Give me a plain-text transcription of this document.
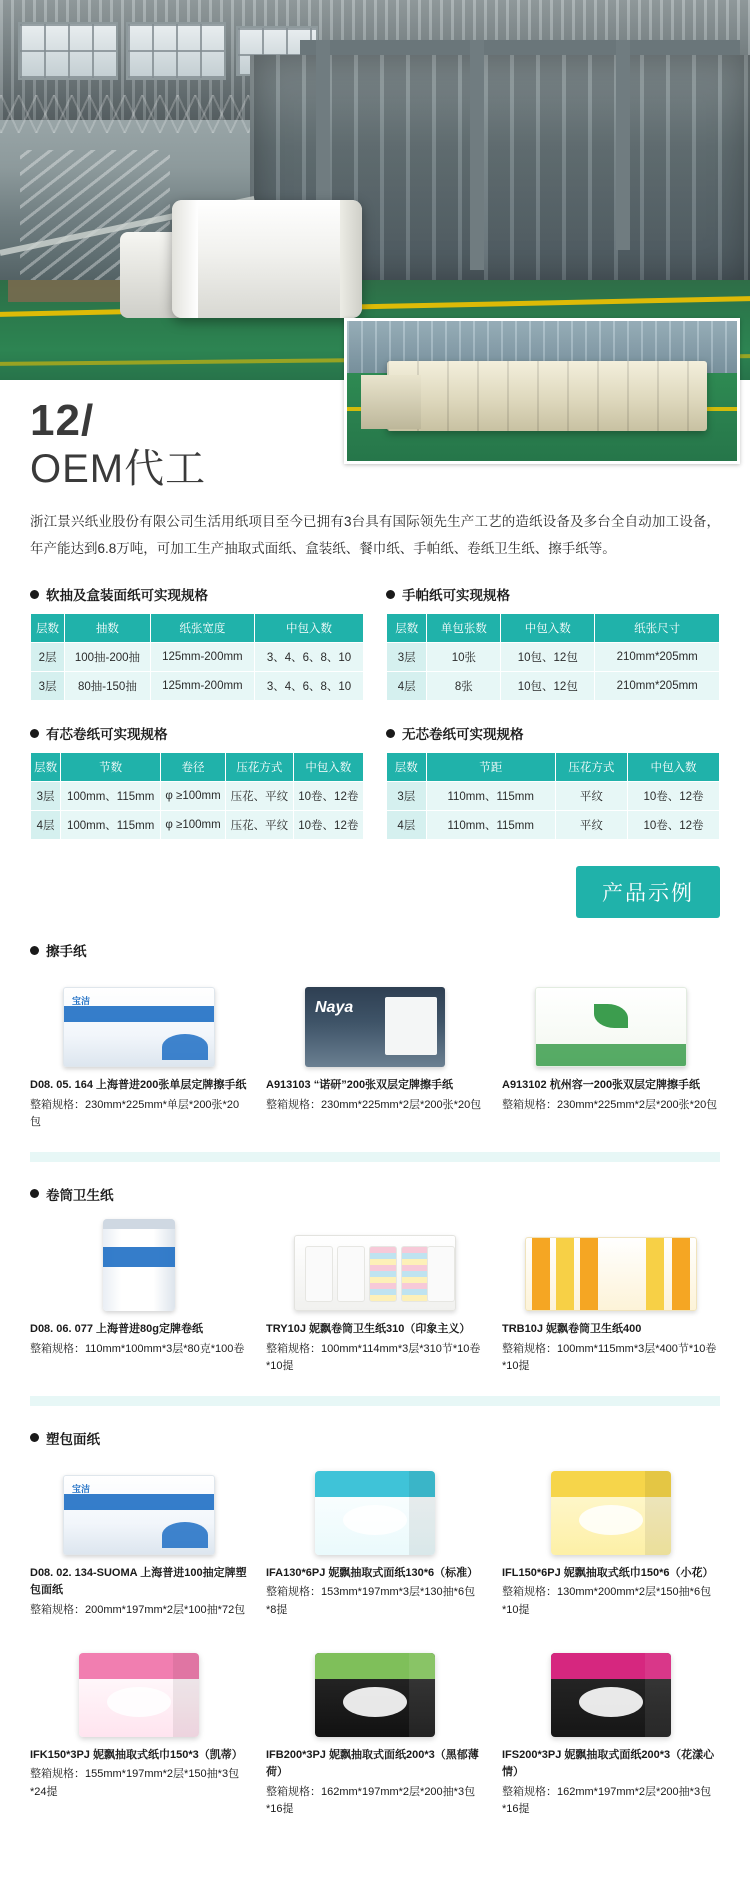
12/
OEM代工
浙江景兴纸业股份有限公司生活用纸项目至今已拥有3台具有国际领先生产工艺的造纸设备及多台全自动加工设备，年产能达到6.8万吨，可加工生产抽取式面纸、盒装纸、餐巾纸、手帕纸、卷纸卫生纸、擦手纸等。
软抽及盒装面纸可实现规格
层数	抽数	纸张宽度	中包入数
2层	100抽-200抽	125mm-200mm	3、4、6、8、10
3层	80抽-150抽	125mm-200mm	3、4、6、8、10
手帕纸可实现规格
层数	单包张数	中包入数	纸张尺寸
3层	10张	10包、12包	210mm*205mm
4层	8张	10包、12包	210mm*205mm
有芯卷纸可实现规格
层数	节数	卷径	压花方式	中包入数
3层	100mm、115mm	φ ≥100mm	压花、平纹	10卷、12卷
4层	100mm、115mm	φ ≥100mm	压花、平纹	10卷、12卷
无芯卷纸可实现规格
层数	节距	压花方式	中包入数
3层	110mm、115mm	平纹	10卷、12卷
4层	110mm、115mm	平纹	10卷、12卷
产品示例
擦手纸
宝洁
D08. 05. 164 上海普进200张单层定牌擦手纸
整箱规格：230mm*225mm*单层*200张*20包
Naya
A913103 “诺研”200张双层定牌擦手纸
整箱规格：230mm*225mm*2层*200张*20包
A913102 杭州容一200张双层定牌擦手纸
整箱规格：230mm*225mm*2层*200张*20包
卷筒卫生纸
D08. 06. 077 上海普进80g定牌卷纸
整箱规格：110mm*100mm*3层*80克*100卷
TRY10J 妮飘卷筒卫生纸310（印象主义）
整箱规格：100mm*114mm*3层*310节*10卷*10提
TRB10J 妮飘卷筒卫生纸400
整箱规格：100mm*115mm*3层*400节*10卷*10提
塑包面纸
宝洁
D08. 02. 134-SUOMA 上海普进100抽定牌塑包面纸
整箱规格：200mm*197mm*2层*100抽*72包
IFA130*6PJ 妮飘抽取式面纸130*6（标准）
整箱规格：153mm*197mm*3层*130抽*6包*8提
IFL150*6PJ 妮飘抽取式纸巾150*6（小花）
整箱规格：130mm*200mm*2层*150抽*6包*10提
IFK150*3PJ 妮飘抽取式纸巾150*3（凯蒂）
整箱规格：155mm*197mm*2层*150抽*3包*24提
IFB200*3PJ 妮飘抽取式面纸200*3（黑郁薄荷）
整箱规格：162mm*197mm*2层*200抽*3包*16提
IFS200*3PJ 妮飘抽取式面纸200*3（花漾心情）
整箱规格：162mm*197mm*2层*200抽*3包*16提
